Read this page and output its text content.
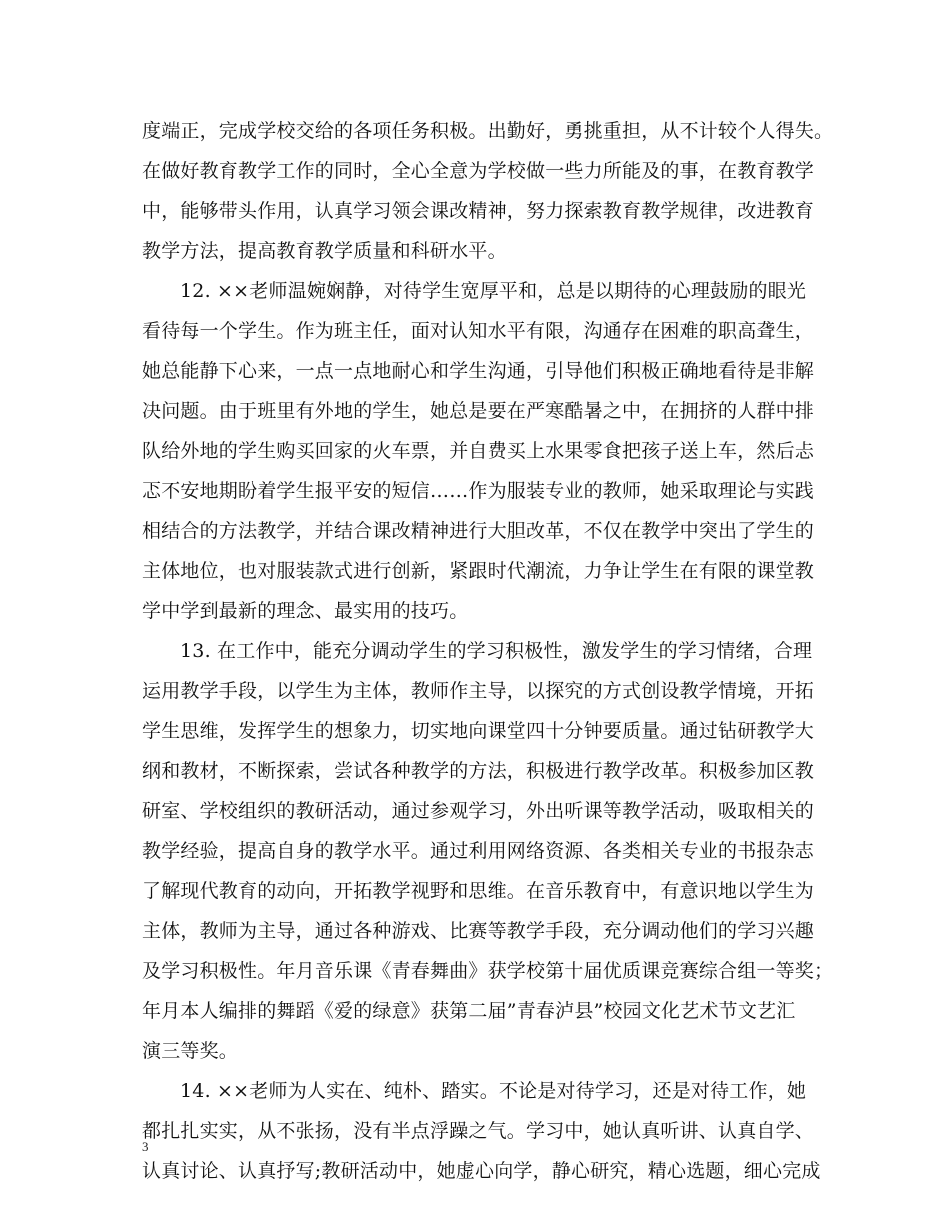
度端正，完成学校交给的各项任务积极。出勤好，勇挑重担，从不计较个人得失。
在做好教育教学工作的同时，全心全意为学校做一些力所能及的事，在教育教学
中，能够带头作用，认真学习领会课改精神，努力探索教育教学规律，改进教育
教学方法，提高教育教学质量和科研水平。
12. ××老师温婉娴静，对待学生宽厚平和，总是以期待的心理鼓励的眼光
看待每一个学生。作为班主任，面对认知水平有限，沟通存在困难的职高聋生，
她总能静下心来，一点一点地耐心和学生沟通，引导他们积极正确地看待是非解
决问题。由于班里有外地的学生，她总是要在严寒酷暑之中，在拥挤的人群中排
队给外地的学生购买回家的火车票，并自费买上水果零食把孩子送上车，然后忐
忑不安地期盼着学生报平安的短信……作为服装专业的教师，她采取理论与实践
相结合的方法教学，并结合课改精神进行大胆改革，不仅在教学中突出了学生的
主体地位，也对服装款式进行创新，紧跟时代潮流，力争让学生在有限的课堂教
学中学到最新的理念、最实用的技巧。
13. 在工作中，能充分调动学生的学习积极性，激发学生的学习情绪，合理
运用教学手段，以学生为主体，教师作主导，以探究的方式创设教学情境，开拓
学生思维，发挥学生的想象力，切实地向课堂四十分钟要质量。通过钻研教学大
纲和教材，不断探索，尝试各种教学的方法，积极进行教学改革。积极参加区教
研室、学校组织的教研活动，通过参观学习，外出听课等教学活动，吸取相关的
教学经验，提高自身的教学水平。通过利用网络资源、各类相关专业的书报杂志
了解现代教育的动向，开拓教学视野和思维。在音乐教育中，有意识地以学生为
主体，教师为主导，通过各种游戏、比赛等教学手段，充分调动他们的学习兴趣
及学习积极性。年月音乐课《青春舞曲》获学校第十届优质课竞赛综合组一等奖；
年月本人编排的舞蹈《爱的绿意》获第二届”青春泸县”校园文化艺术节文艺汇
演三等奖。
14. ××老师为人实在、纯朴、踏实。不论是对待学习，还是对待工作，她
都扎扎实实，从不张扬，没有半点浮躁之气。学习中，她认真听讲、认真自学、
认真讨论、认真抒写;教研活动中，她虚心向学，静心研究，精心选题，细心完成
3
